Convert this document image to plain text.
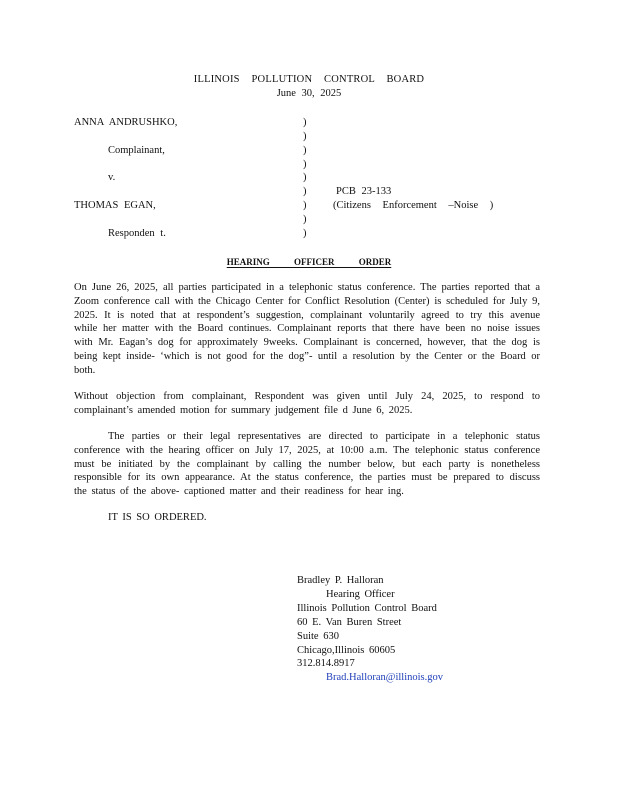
ILLINOIS POLLUTION CONTROL BOARD
June 30, 2025
ANNA ANDRUSHKO,
Complainant,
v.
THOMAS EGAN,
Responden t.
)
)
)
)
)
)
)
)
)
PCB 23-133
(Citizens Enforcement –Noise )
HEARING OFFICER ORDER

On June 26, 2025, all parties participated in a telephonic status conference. The parties reported that a Zoom conference call with the Chicago Center for Conflict Resolution (Center) is scheduled for July 9, 2025. It is noted that at respondent’s suggestion, complainant voluntarily agreed to try this avenue while her matter with the Board continues. Complainant reports that there have been no noise issues with Mr. Eagan’s dog for approximately 9weeks. Complainant is concerned, however, that the dog is being kept inside- ‘which is not good for the dog”- until a resolution by the Center or the Board or both.

Without objection from complainant, Respondent was given until July 24, 2025, to respond to complainant’s amended motion for summary judgement file d June 6, 2025.

The parties or their legal representatives are directed to participate in a telephonic status conference with the hearing officer on July 17, 2025, at 10:00 a.m. The telephonic status conference must be initiated by the complainant by calling the number below, but each party is nonetheless responsible for its own appearance. At the status conference, the parties must be prepared to discuss the status of the above- captioned matter and their readiness for hear ing.

IT IS SO ORDERED.
Bradley P. Halloran
Hearing Officer
Illinois Pollution Control Board
60 E. Van Buren Street
Suite 630
Chicago,Illinois 60605
312.814.8917
Brad.Halloran@illinois.gov
